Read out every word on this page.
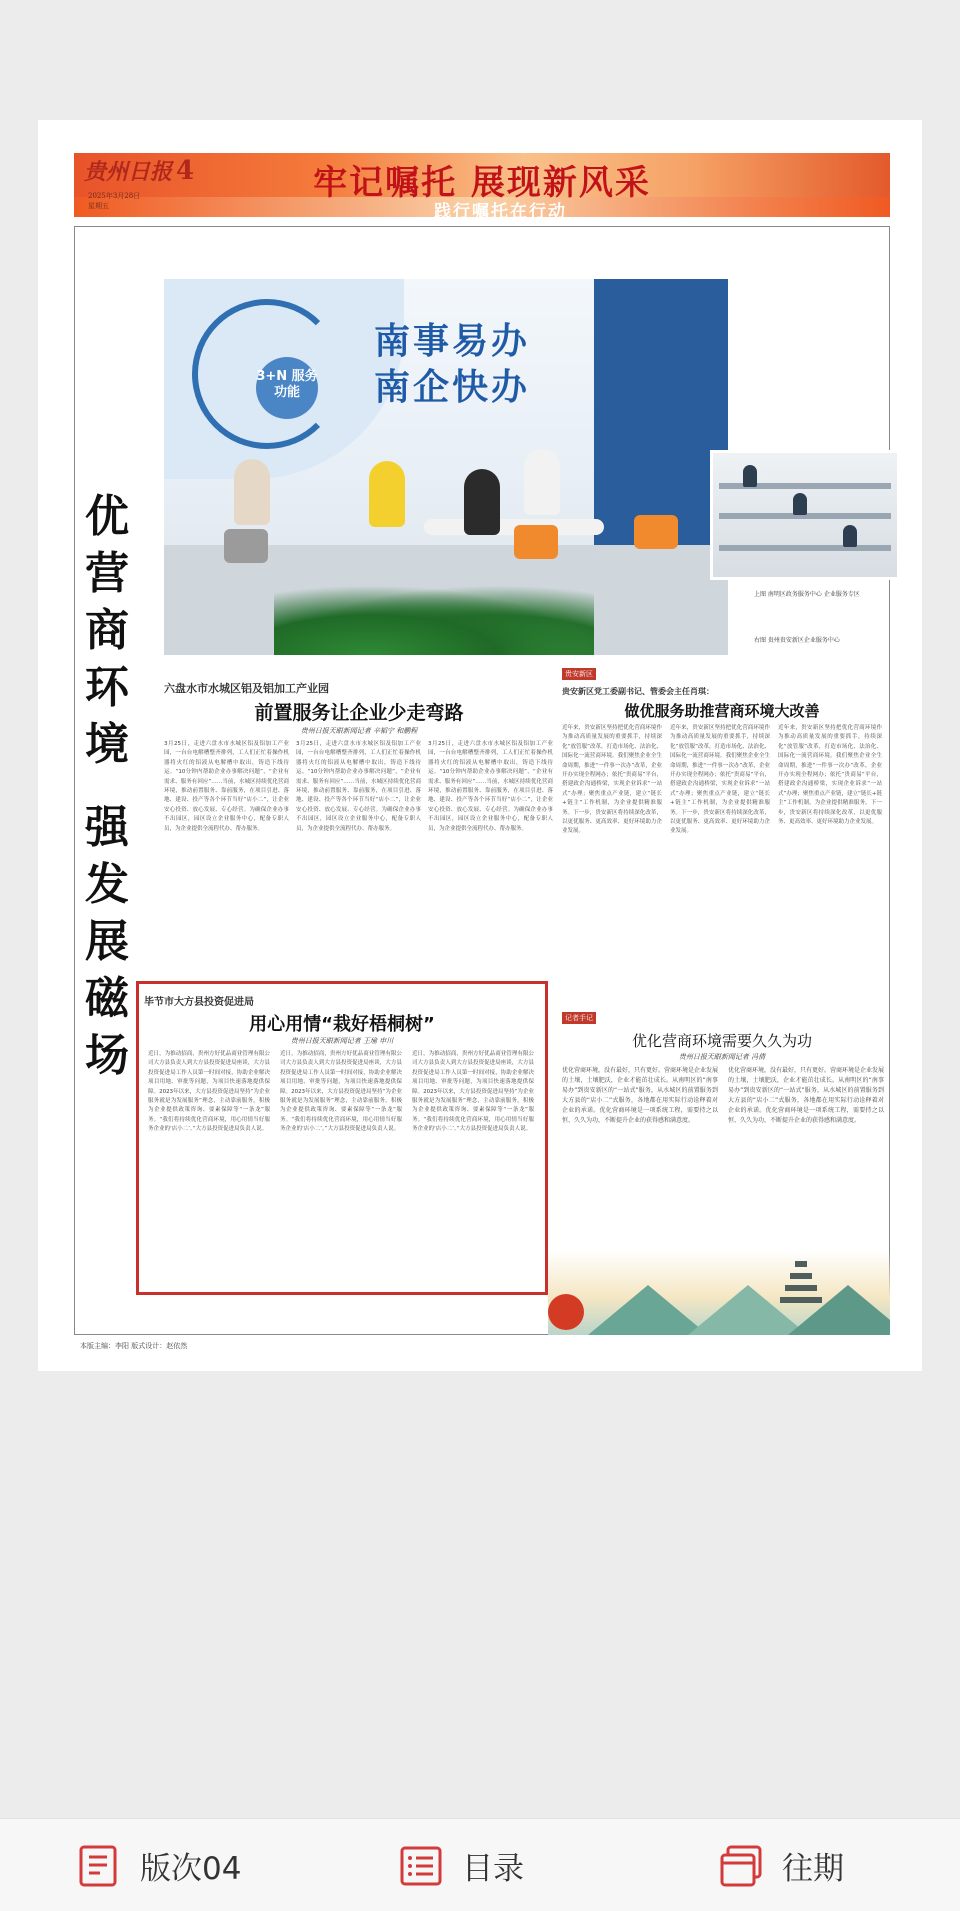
贵州日报 4
2025年3月28日
星期五
牢记嘱托 展现新风采
践行嘱托在行动
优营商环境
强发展磁场
3+N 服务功能
南事易办
南企快办
上图 南明区政务服务中心 企业服务专区
右图 贵州贵安新区企业服务中心
六盘水市水城区铝及铝加工产业园
前置服务让企业少走弯路
贵州日报天眼新闻记者 辛韬宁 和鹏程
3月25日，走进六盘水市水城区铝及铝加工产业园，一台台电解槽整齐排列，工人们正忙着操作机器将火红的铝液从电解槽中取出，铸造下线待运。“10分钟内帮助企业办事解决问题”，“企业有需求、服务有回应”……当前，水城区持续优化营商环境，推动前置服务、靠前服务，在项目引进、落地、建设、投产等各个环节当好“店小二”，让企业安心投资、放心发展、专心经营。为确保企业办事不出园区，园区设立企业服务中心，配备专职人员，为企业提供全流程代办、帮办服务。
3月25日，走进六盘水市水城区铝及铝加工产业园，一台台电解槽整齐排列，工人们正忙着操作机器将火红的铝液从电解槽中取出，铸造下线待运。“10分钟内帮助企业办事解决问题”，“企业有需求、服务有回应”……当前，水城区持续优化营商环境，推动前置服务、靠前服务，在项目引进、落地、建设、投产等各个环节当好“店小二”，让企业安心投资、放心发展、专心经营。为确保企业办事不出园区，园区设立企业服务中心，配备专职人员，为企业提供全流程代办、帮办服务。
3月25日，走进六盘水市水城区铝及铝加工产业园，一台台电解槽整齐排列，工人们正忙着操作机器将火红的铝液从电解槽中取出，铸造下线待运。“10分钟内帮助企业办事解决问题”，“企业有需求、服务有回应”……当前，水城区持续优化营商环境，推动前置服务、靠前服务，在项目引进、落地、建设、投产等各个环节当好“店小二”，让企业安心投资、放心发展、专心经营。为确保企业办事不出园区，园区设立企业服务中心，配备专职人员，为企业提供全流程代办、帮办服务。
贵安新区
贵安新区党工委副书记、管委会主任肖琪：
做优服务助推营商环境大改善
近年来，贵安新区坚持把优化营商环境作为推动高质量发展的重要抓手，持续深化“放管服”改革，打造市场化、法治化、国际化一流营商环境。我们聚焦企业全生命周期，推进“一件事一次办”改革，企业开办实现全程网办；依托“贵商易”平台，搭建政企沟通桥梁，实现企业诉求“一站式”办理；聚焦重点产业链，建立“链长+链主”工作机制，为企业提供精准服务。下一步，贵安新区将持续深化改革，以更优服务、更高效率、更好环境助力企业发展。
近年来，贵安新区坚持把优化营商环境作为推动高质量发展的重要抓手，持续深化“放管服”改革，打造市场化、法治化、国际化一流营商环境。我们聚焦企业全生命周期，推进“一件事一次办”改革，企业开办实现全程网办；依托“贵商易”平台，搭建政企沟通桥梁，实现企业诉求“一站式”办理；聚焦重点产业链，建立“链长+链主”工作机制，为企业提供精准服务。下一步，贵安新区将持续深化改革，以更优服务、更高效率、更好环境助力企业发展。
近年来，贵安新区坚持把优化营商环境作为推动高质量发展的重要抓手，持续深化“放管服”改革，打造市场化、法治化、国际化一流营商环境。我们聚焦企业全生命周期，推进“一件事一次办”改革，企业开办实现全程网办；依托“贵商易”平台，搭建政企沟通桥梁，实现企业诉求“一站式”办理；聚焦重点产业链，建立“链长+链主”工作机制，为企业提供精准服务。下一步，贵安新区将持续深化改革，以更优服务、更高效率、更好环境助力企业发展。
毕节市大方县投资促进局
用心用情“栽好梧桐树”
贵州日报天眼新闻记者 王瑜 申川
近日，为推动招商，贵州方好优品商业管理有限公司大方县负责人到大方县投资促进局座谈，大方县投资促进局工作人员第一时间对接，协助企业解决项目用地、审批等问题，为项目快速落地提供保障。2023年以来，大方县投资促进局坚持“为企业服务就是为发展服务”理念，主动靠前服务，积极为企业提供政策咨询、要素保障等“一条龙”服务。“我们将持续优化营商环境，用心用情当好服务企业的‘店小二’。”大方县投资促进局负责人说。
近日，为推动招商，贵州方好优品商业管理有限公司大方县负责人到大方县投资促进局座谈，大方县投资促进局工作人员第一时间对接，协助企业解决项目用地、审批等问题，为项目快速落地提供保障。2023年以来，大方县投资促进局坚持“为企业服务就是为发展服务”理念，主动靠前服务，积极为企业提供政策咨询、要素保障等“一条龙”服务。“我们将持续优化营商环境，用心用情当好服务企业的‘店小二’。”大方县投资促进局负责人说。
近日，为推动招商，贵州方好优品商业管理有限公司大方县负责人到大方县投资促进局座谈，大方县投资促进局工作人员第一时间对接，协助企业解决项目用地、审批等问题，为项目快速落地提供保障。2023年以来，大方县投资促进局坚持“为企业服务就是为发展服务”理念，主动靠前服务，积极为企业提供政策咨询、要素保障等“一条龙”服务。“我们将持续优化营商环境，用心用情当好服务企业的‘店小二’。”大方县投资促进局负责人说。
记者手记
优化营商环境需要久久为功
贵州日报天眼新闻记者 冯倩
优化营商环境，没有最好，只有更好。营商环境是企业发展的土壤，土壤肥沃，企业才能茁壮成长。从南明区的“南事易办”到贵安新区的“一站式”服务，从水城区的前置服务到大方县的“店小二”式服务，各地都在用实际行动诠释着对企业的承诺。优化营商环境是一项系统工程，需要持之以恒、久久为功，不断提升企业的获得感和满意度。
优化营商环境，没有最好，只有更好。营商环境是企业发展的土壤，土壤肥沃，企业才能茁壮成长。从南明区的“南事易办”到贵安新区的“一站式”服务，从水城区的前置服务到大方县的“店小二”式服务，各地都在用实际行动诠释着对企业的承诺。优化营商环境是一项系统工程，需要持之以恒、久久为功，不断提升企业的获得感和满意度。
本版主编：李阳 版式设计：赵依然
版次04	目录	往期
